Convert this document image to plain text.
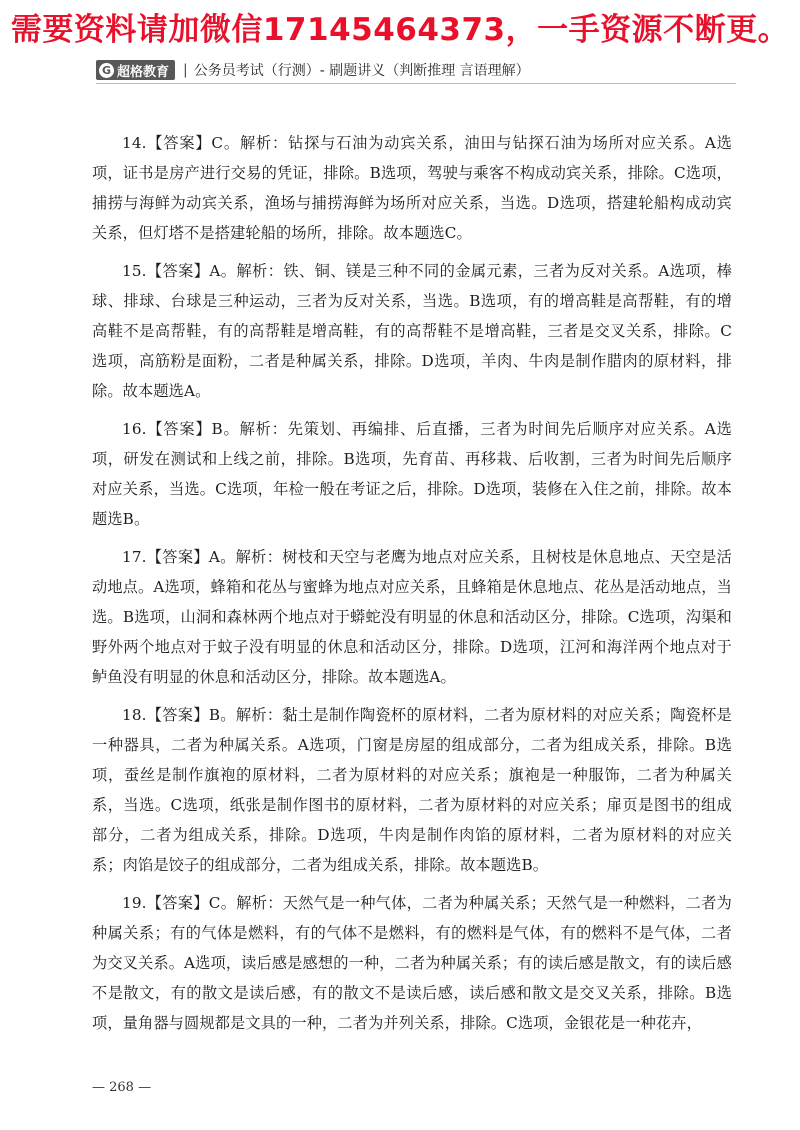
需要资料请加微信17145464373，一手资源不断更。
G 超格教育 | 公务员考试（行测）- 刷题讲义（判断推理 言语理解）

14.【答案】C。解析：钻探与石油为动宾关系，油田与钻探石油为场所对应关系。A选项，证书是房产进行交易的凭证，排除。B选项，驾驶与乘客不构成动宾关系，排除。C选项，捕捞与海鲜为动宾关系，渔场与捕捞海鲜为场所对应关系，当选。D选项，搭建轮船构成动宾关系，但灯塔不是搭建轮船的场所，排除。故本题选C。

15.【答案】A。解析：铁、铜、镁是三种不同的金属元素，三者为反对关系。A选项，棒球、排球、台球是三种运动，三者为反对关系，当选。B选项，有的增高鞋是高帮鞋，有的增高鞋不是高帮鞋，有的高帮鞋是增高鞋，有的高帮鞋不是增高鞋，三者是交叉关系，排除。C选项，高筋粉是面粉，二者是种属关系，排除。D选项，羊肉、牛肉是制作腊肉的原材料，排除。故本题选A。

16.【答案】B。解析：先策划、再编排、后直播，三者为时间先后顺序对应关系。A选项，研发在测试和上线之前，排除。B选项，先育苗、再移栽、后收割，三者为时间先后顺序对应关系，当选。C选项，年检一般在考证之后，排除。D选项，装修在入住之前，排除。故本题选B。

17.【答案】A。解析：树枝和天空与老鹰为地点对应关系，且树枝是休息地点、天空是活动地点。A选项，蜂箱和花丛与蜜蜂为地点对应关系，且蜂箱是休息地点、花丛是活动地点，当选。B选项，山洞和森林两个地点对于蟒蛇没有明显的休息和活动区分，排除。C选项，沟渠和野外两个地点对于蚊子没有明显的休息和活动区分，排除。D选项，江河和海洋两个地点对于鲈鱼没有明显的休息和活动区分，排除。故本题选A。

18.【答案】B。解析：黏土是制作陶瓷杯的原材料，二者为原材料的对应关系；陶瓷杯是一种器具，二者为种属关系。A选项，门窗是房屋的组成部分，二者为组成关系，排除。B选项，蚕丝是制作旗袍的原材料，二者为原材料的对应关系；旗袍是一种服饰，二者为种属关系，当选。C选项，纸张是制作图书的原材料，二者为原材料的对应关系；扉页是图书的组成部分，二者为组成关系，排除。D选项，牛肉是制作肉馅的原材料，二者为原材料的对应关系；肉馅是饺子的组成部分，二者为组成关系，排除。故本题选B。

19.【答案】C。解析：天然气是一种气体，二者为种属关系；天然气是一种燃料，二者为种属关系；有的气体是燃料，有的气体不是燃料，有的燃料是气体，有的燃料不是气体，二者为交叉关系。A选项，读后感是感想的一种，二者为种属关系；有的读后感是散文，有的读后感不是散文，有的散文是读后感，有的散文不是读后感，读后感和散文是交叉关系，排除。B选项，量角器与圆规都是文具的一种，二者为并列关系，排除。C选项，金银花是一种花卉，

— 268 —
